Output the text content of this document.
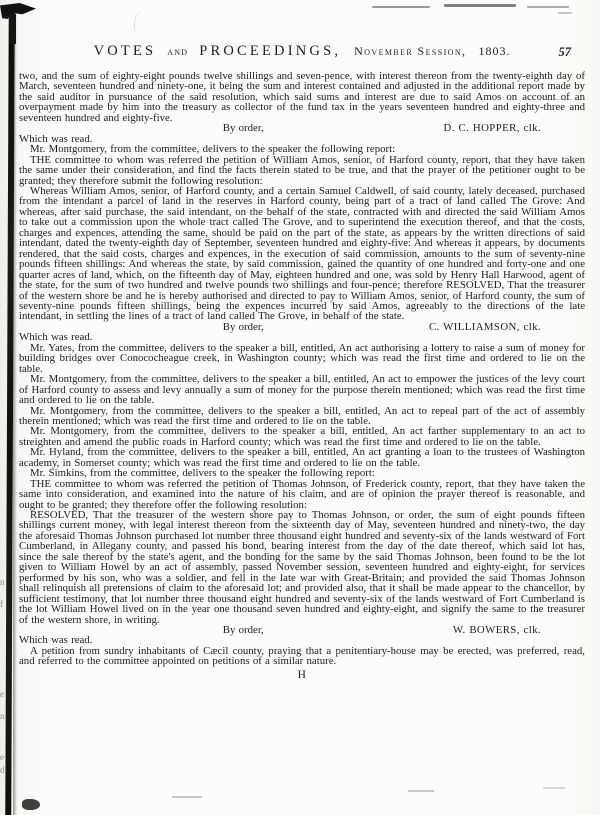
n
f
e
n
e
d
VOTES and PROCEEDINGS, November Session, 1803.	57

two, and the sum of eighty-eight pounds twelve shillings and seven-pence, with interest thereon from the twenty-eighth day of March, seventeen hundred and ninety-one, it being the sum and interest contained and adjusted in the additional report made by the said auditor in pursuance of the said resolution, which said sums and interest are due to said Amos on account of an overpayment made by him into the treasury as collector of the fund tax in the years seventeen hundred and eighty-three and seventeen hundred and eighty-five.

By order,	D. C. HOPPER, clk.

Which was read.

Mr. Montgomery, from the committee, delivers to the speaker the following report:

THE committee to whom was referred the petition of William Amos, senior, of Harford county, report, that they have taken the same under their consideration, and find the facts therein stated to be true, and that the prayer of the petitioner ought to be granted; they therefore submit the following resolution:

Whereas William Amos, senior, of Harford county, and a certain Samuel Caldwell, of said county, lately deceased, purchased from the intendant a parcel of land in the reserves in Harford county, being part of a tract of land called The Grove: And whereas, after said purchase, the said intendant, on the behalf of the state, contracted with and directed the said William Amos to take out a commission upon the whole tract called The Grove, and to superintend the execution thereof, and that the costs, charges and expences, attending the same, should be paid on the part of the state, as appears by the written directions of said intendant, dated the twenty-eighth day of September, seventeen hundred and eighty-five: And whereas it appears, by documents rendered, that the said costs, charges and expences, in the execution of said commission, amounts to the sum of seventy-nine pounds fifteen shillings: And whereas the state, by said commission, gained the quantity of one hundred and forty-one and one quarter acres of land, which, on the fifteenth day of May, eighteen hundred and one, was sold by Henry Hall Harwood, agent of the state, for the sum of two hundred and twelve pounds two shillings and four-pence; therefore RESOLVED, That the treasurer of the western shore be and he is hereby authorised and directed to pay to William Amos, senior, of Harford county, the sum of seventy-nine pounds fifteen shillings, being the expences incurred by said Amos, agreeably to the directions of the late intendant, in settling the lines of a tract of land called The Grove, in behalf of the state.

By order,	C. WILLIAMSON, clk.

Which was read.

Mr. Yates, from the committee, delivers to the speaker a bill, entitled, An act authorising a lottery to raise a sum of money for building bridges over Conococheague creek, in Washington county; which was read the first time and ordered to lie on the table.

Mr. Montgomery, from the committee, delivers to the speaker a bill, entitled, An act to empower the justices of the levy court of Harford county to assess and levy annually a sum of money for the purpose therein mentioned; which was read the first time and ordered to lie on the table.

Mr. Montgomery, from the committee, delivers to the speaker a bill, entitled, An act to repeal part of the act of assembly therein mentioned; which was read the first time and ordered to lie on the table.

Mr. Montgomery, from the committee, delivers to the speaker a bill, entitled, An act farther supplementary to an act to streighten and amend the public roads in Harford county; which was read the first time and ordered to lie on the table.

Mr. Hyland, from the committee, delivers to the speaker a bill, entitled, An act granting a loan to the trustees of Washington academy, in Somerset county; which was read the first time and ordered to lie on the table.

Mr. Simkins, from the committee, delivers to the speaker the following report:

THE committee to whom was referred the petition of Thomas Johnson, of Frederick county, report, that they have taken the same into consideration, and examined into the nature of his claim, and are of opinion the prayer thereof is reasonable, and ought to be granted; they therefore offer the following resolution:

RESOLVED, That the treasurer of the western shore pay to Thomas Johnson, or order, the sum of eight pounds fifteen shillings current money, with legal interest thereon from the sixteenth day of May, seventeen hundred and ninety-two, the day the aforesaid Thomas Johnson purchased lot number three thousand eight hundred and seventy-six of the lands westward of Fort Cumberland, in Allegany county, and passed his bond, bearing interest from the day of the date thereof, which said lot has, since the sale thereof by the state's agent, and the bonding for the same by the said Thomas Johnson, been found to be the lot given to William Howel by an act of assembly, passed November session, seventeen hundred and eighty-eight, for services performed by his son, who was a soldier, and fell in the late war with Great-Britain; and provided the said Thomas Johnson shall relinquish all pretensions of claim to the aforesaid lot; and provided also, that it shall be made appear to the chancellor, by sufficient testimony, that lot number three thousand eight hundred and seventy-six of the lands westward of Fort Cumberland is the lot William Howel lived on in the year one thousand seven hundred and eighty-eight, and signify the same to the treasurer of the western shore, in writing.

By order,	W. BOWERS, clk.

Which was read.

A petition from sundry inhabitants of Cæcil county, praying that a penitentiary-house may be erected, was preferred, read, and referred to the committee appointed on petitions of a similar nature.

H
